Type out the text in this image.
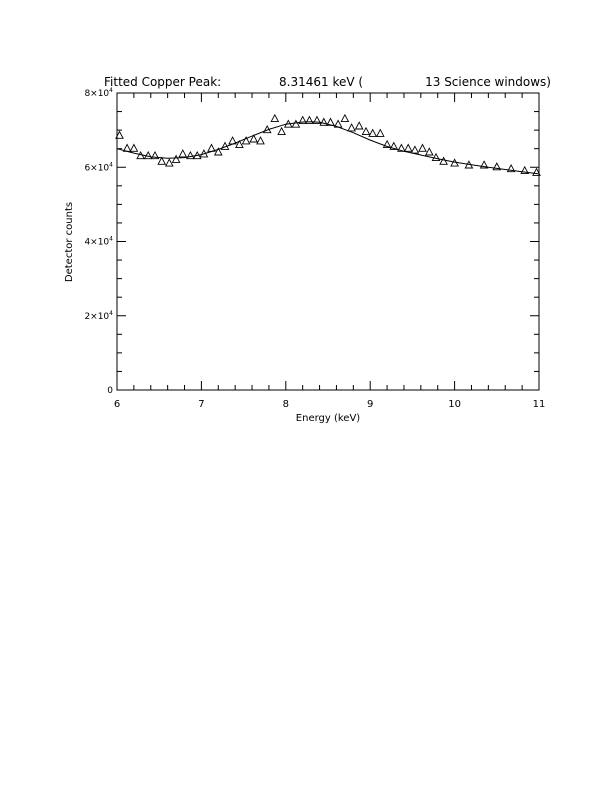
Fitted Copper Peak:	8.31461 keV (	13 Science windows)
6	7	8	9	10	11
0
$2\times 10^4$
$4\times 10^4$
$6\times 10^4$
$8\times 10^4$
Energy (keV)
Detector counts
